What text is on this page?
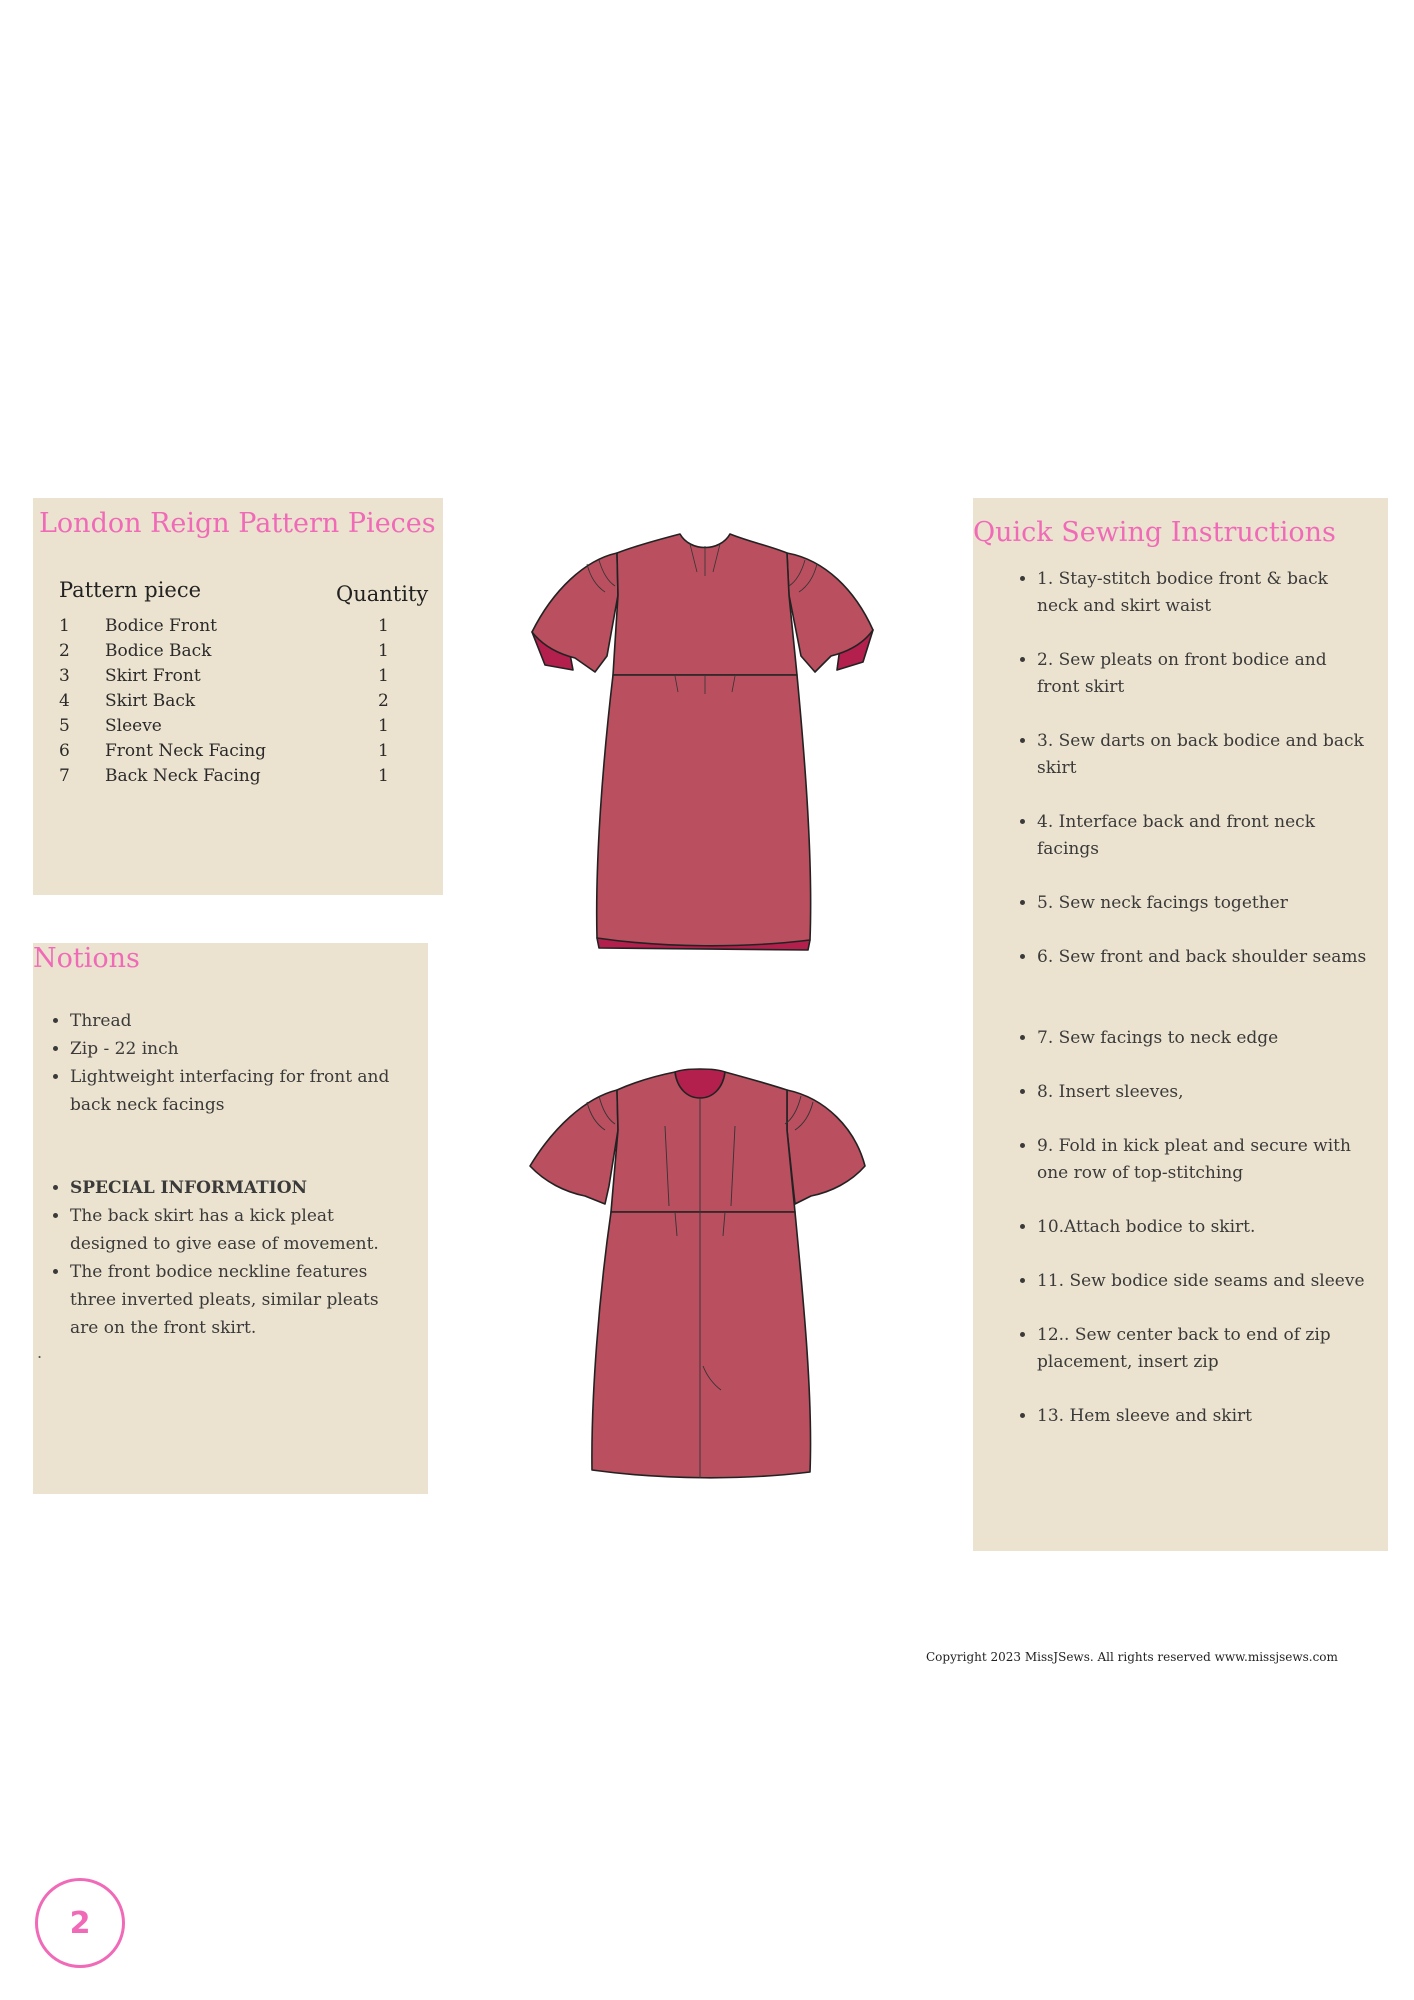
London Reign Pattern Pieces
Pattern piece	Quantity
1 Bodice Front	1
2 Bodice Back	1
3 Skirt Front	1
4 Skirt Back	2
5 Sleeve	1
6 Front Neck Facing	1
7 Back Neck Facing	1
Notions
• Thread
• Zip - 22 inch
• Lightweight interfacing for front and back neck facings
• SPECIAL INFORMATION
• The back skirt has a kick pleat designed to give ease of movement.
• The front bodice neckline features three inverted pleats, similar pleats are on the front skirt.
.
Quick Sewing Instructions
• 1. Stay-stitch bodice front & back neck and skirt waist
• 2. Sew pleats on front bodice and front skirt
• 3. Sew darts on back bodice and back skirt
• 4. Interface back and front neck facings
• 5. Sew neck facings together
• 6. Sew front and back shoulder seams
• 7. Sew facings to neck edge
• 8. Insert sleeves,
• 9. Fold in kick pleat and secure with one row of top-stitching
• 10.Attach bodice to skirt.
• 11. Sew bodice side seams and sleeve
• 12.. Sew center back to end of zip placement, insert zip
• 13. Hem sleeve and skirt
Copyright 2023 MissJSews. All rights reserved www.missjsews.com
2
